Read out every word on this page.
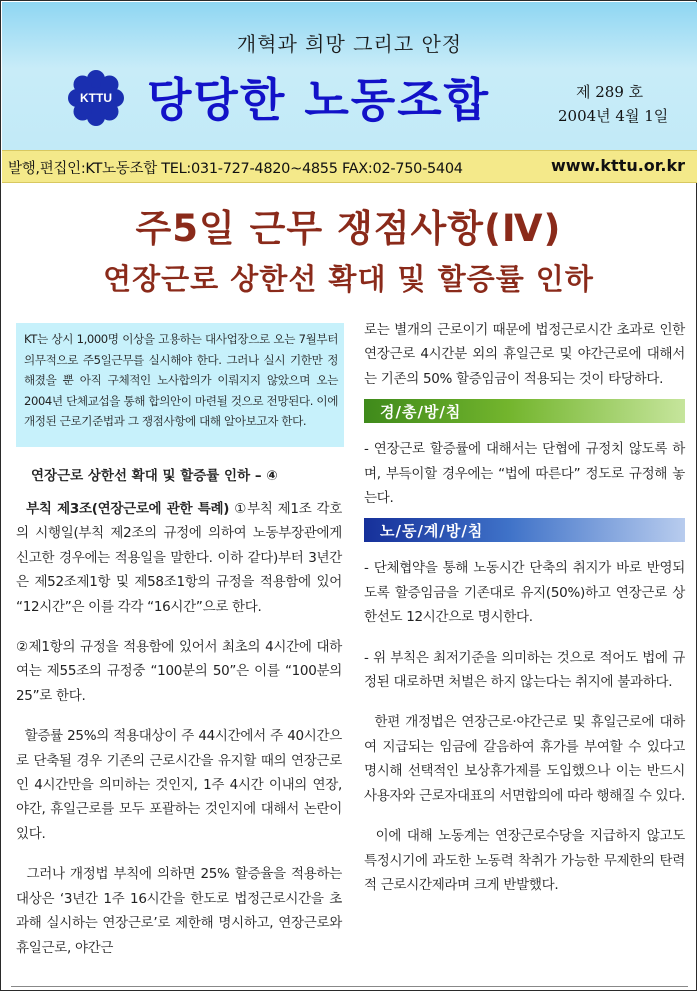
개혁과 희망 그리고 안정
KTTU 당당한 노동조합	제 289 호
2004년 4월 1일
발행,편집인:KT노동조합 TEL:031-727-4820~4855 FAX:02-750-5404	www.kttu.or.kr
주5일 근무 쟁점사항(Ⅳ)
연장근로 상한선 확대 및 할증률 인하
KT는 상시 1,000명 이상을 고용하는 대사업장으로 오는 7월부터 의무적으로 주5일근무를 실시해야 한다. 그러나 실시 기한만 정해졌을 뿐 아직 구체적인 노사합의가 이뤄지지 않았으며 오는 2004년 단체교섭을 통해 합의안이 마련될 것으로 전망된다. 이에 개정된 근로기준법과 그 쟁점사항에 대해 알아보고자 한다.
연장근로 상한선 확대 및 할증률 인하 – ④

부칙 제3조(연장근로에 관한 특례) ①부칙 제1조 각호의 시행일(부칙 제2조의 규정에 의하여 노동부장관에게 신고한 경우에는 적용일을 말한다. 이하 같다)부터 3년간은 제52조제1항 및 제58조1항의 규정을 적용함에 있어 “12시간”은 이를 각각 “16시간”으로 한다.

②제1항의 규정을 적용함에 있어서 최초의 4시간에 대하여는 제55조의 규정중 “100분의 50”은 이를 “100분의 25”로 한다.

할증률 25%의 적용대상이 주 44시간에서 주 40시간으로 단축될 경우 기존의 근로시간을 유지할 때의 연장근로인 4시간만을 의미하는 것인지, 1주 4시간 이내의 연장, 야간, 휴일근로를 모두 포괄하는 것인지에 대해서 논란이 있다.

그러나 개정법 부칙에 의하면 25% 할증율을 적용하는 대상은 ‘3년간 1주 16시간을 한도로 법정근로시간을 초과해 실시하는 연장근로’로 제한해 명시하고, 연장근로와 휴일근로, 야간근

로는 별개의 근로이기 때문에 법정근로시간 초과로 인한 연장근로 4시간분 외의 휴일근로 및 야간근로에 대해서는 기존의 50% 할증임금이 적용되는 것이 타당하다.

경/총/방/침

- 연장근로 할증률에 대해서는 단협에 규정치 않도록 하며, 부득이할 경우에는 “법에 따른다” 정도로 규정해 놓는다.

노/동/계/방/침

- 단체협약을 통해 노동시간 단축의 취지가 바로 반영되도록 할증임금을 기존대로 유지(50%)하고 연장근로 상한선도 12시간으로 명시한다.

- 위 부칙은 최저기준을 의미하는 것으로 적어도 법에 규정된 대로하면 처벌은 하지 않는다는 취지에 불과하다.

한편 개정법은 연장근로·야간근로 및 휴일근로에 대하여 지급되는 임금에 갈음하여 휴가를 부여할 수 있다고 명시해 선택적인 보상휴가제를 도입했으나 이는 반드시 사용자와 근로자대표의 서면합의에 따라 행해질 수 있다.

이에 대해 노동계는 연장근로수당을 지급하지 않고도 특정시기에 과도한 노동력 착취가 가능한 무제한의 탄력적 근로시간제라며 크게 반발했다.
